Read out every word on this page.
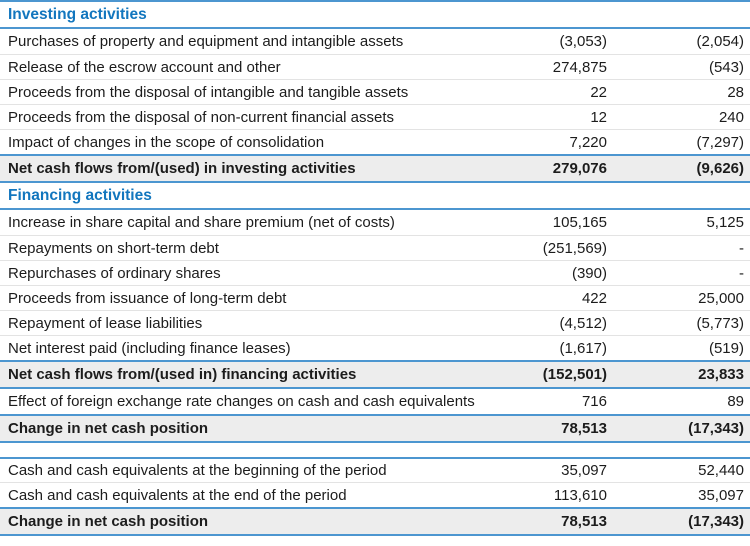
Investing activities
Purchases of property and equipment and intangible assets	(3,053)	(2,054)
Release of the escrow account and other	274,875	(543)
Proceeds from the disposal of intangible and tangible assets	22	28
Proceeds from the disposal of non-current financial assets	12	240
Impact of changes in the scope of consolidation	7,220	(7,297)
Net cash flows from/(used) in investing activities	279,076	(9,626)
Financing activities
Increase in share capital and share premium (net of costs)	105,165	5,125
Repayments on short-term debt	(251,569)	-
Repurchases of ordinary shares	(390)	-
Proceeds from issuance of long-term debt	422	25,000
Repayment of lease liabilities	(4,512)	(5,773)
Net interest paid (including finance leases)	(1,617)	(519)
Net cash flows from/(used in) financing activities	(152,501)	23,833
Effect of foreign exchange rate changes on cash and cash equivalents	716	89
Change in net cash position	78,513	(17,343)
Cash and cash equivalents at the beginning of the period	35,097	52,440
Cash and cash equivalents at the end of the period	113,610	35,097
Change in net cash position	78,513	(17,343)
